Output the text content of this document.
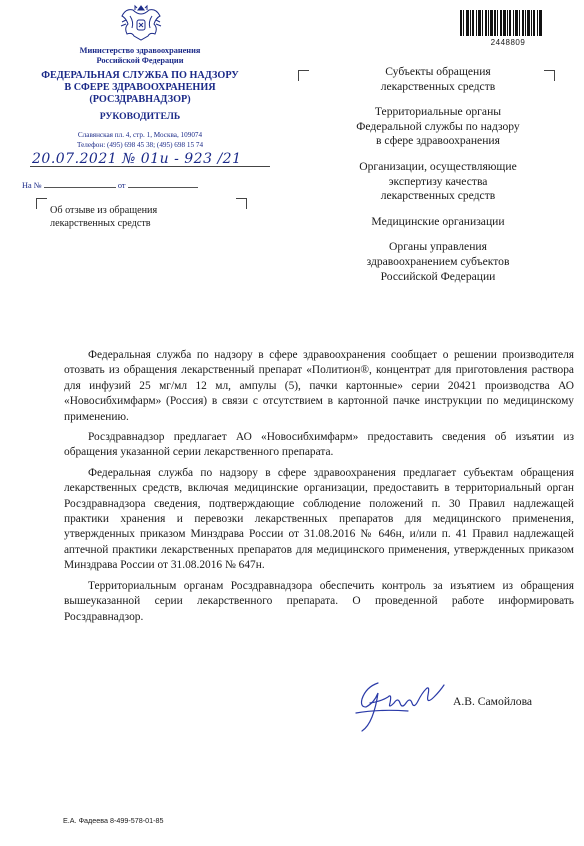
Министерство здравоохранения
Российской Федерации
ФЕДЕРАЛЬНАЯ СЛУЖБА ПО НАДЗОРУ
В СФЕРЕ ЗДРАВООХРАНЕНИЯ
(РОСЗДРАВНАДЗОР)
РУКОВОДИТЕЛЬ
Славянская пл. 4, стр. 1, Москва, 109074
Телефон: (495) 698 45 38; (495) 698 15 74
20.07.2021 № 01и - 923 /21
На №	от
Об отзыве из обращения
лекарственных средств
2448809

Субъекты обращения
лекарственных средств

Территориальные органы
Федеральной службы по надзору
в сфере здравоохранения

Организации, осуществляющие
экспертизу качества
лекарственных средств

Медицинские организации

Органы управления
здравоохранением субъектов
Российской Федерации

Федеральная служба по надзору в сфере здравоохранения сообщает о решении производителя отозвать из обращения лекарственный препарат «Политион®, концентрат для приготовления раствора для инфузий 25 мг/мл 12 мл, ампулы (5), пачки картонные» серии 20421 производства АО «Новосибхимфарм» (Россия) в связи с отсутствием в картонной пачке инструкции по медицинскому применению.

Росздравнадзор предлагает АО «Новосибхимфарм» предоставить сведения об изъятии из обращения указанной серии лекарственного препарата.

Федеральная служба по надзору в сфере здравоохранения предлагает субъектам обращения лекарственных средств, включая медицинские организации, предоставить в территориальный орган Росздравнадзора сведения, подтверждающие соблюдение положений п. 30 Правил надлежащей практики хранения и перевозки лекарственных препаратов для медицинского применения, утвержденных приказом Минздрава России от 31.08.2016 № 646н, и/или п. 41 Правил надлежащей аптечной практики лекарственных препаратов для медицинского применения, утвержденных приказом Минздрава России от 31.08.2016 № 647н.

Территориальным органам Росздравнадзора обеспечить контроль за изъятием из обращения вышеуказанной серии лекарственного препарата. О проведенной работе информировать Росздравнадзор.

А.В. Самойлова
Е.А. Фадеева 8-499-578-01-85
